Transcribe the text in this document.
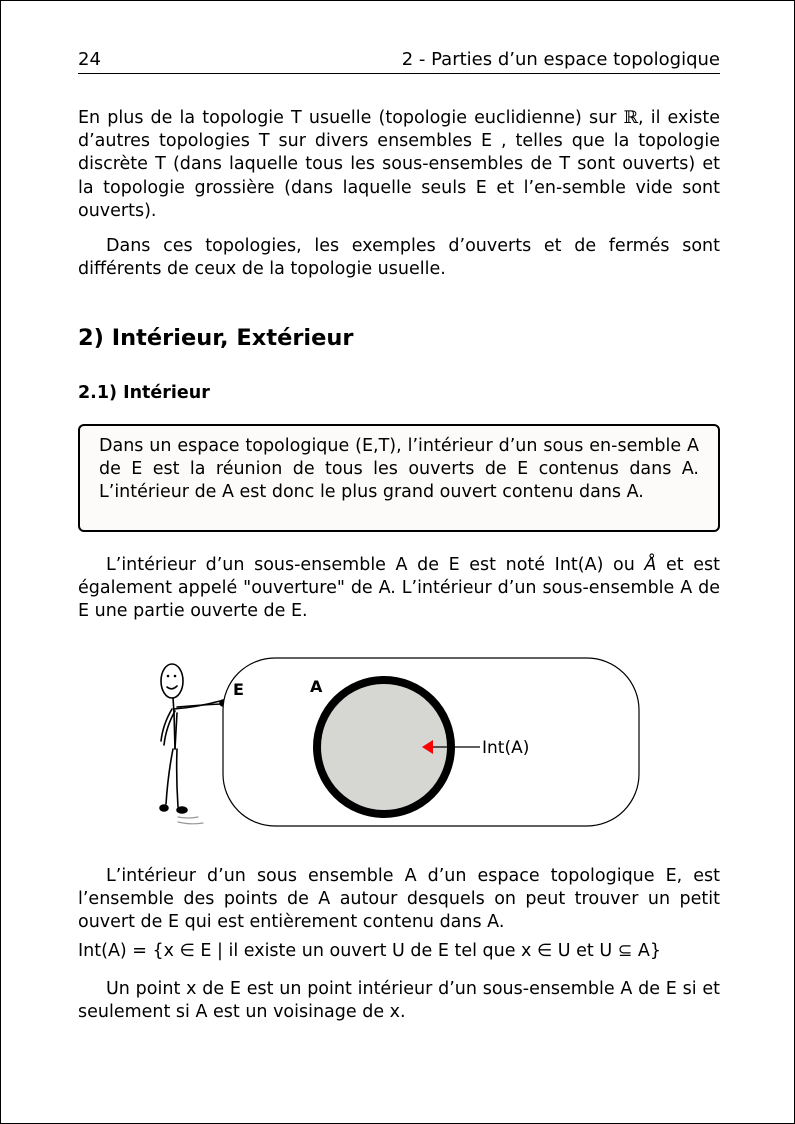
24	2 - Parties d’un espace topologique

En plus de la topologie T usuelle (topologie euclidienne) sur ℝ, il existe d’autres topologies T sur divers ensembles E , telles que la topologie discrète T (dans laquelle tous les sous-ensembles de T sont ouverts) et la topologie grossière (dans laquelle seuls E et l’en-semble vide sont ouverts).

Dans ces topologies, les exemples d’ouverts et de fermés sont différents de ceux de la topologie usuelle.

2) Intérieur, Extérieur
2.1) Intérieur

Dans un espace topologique (E,T), l’intérieur d’un sous en-semble A de E est la réunion de tous les ouverts de E contenus dans A. L’intérieur de A est donc le plus grand ouvert contenu dans A.

L’intérieur d’un sous-ensemble A de E est noté Int(A) ou Å et est également appelé "ouverture" de A. L’intérieur d’un sous-ensemble A de E une partie ouverte de E.

E	A
Int(A)

L’intérieur d’un sous ensemble A d’un espace topologique E, est l’ensemble des points de A autour desquels on peut trouver un petit ouvert de E qui est entièrement contenu dans A.

Int(A) = {x ∈ E | il existe un ouvert U de E tel que x ∈ U et U ⊆ A}

Un point x de E est un point intérieur d’un sous-ensemble A de E si et seulement si A est un voisinage de x.
